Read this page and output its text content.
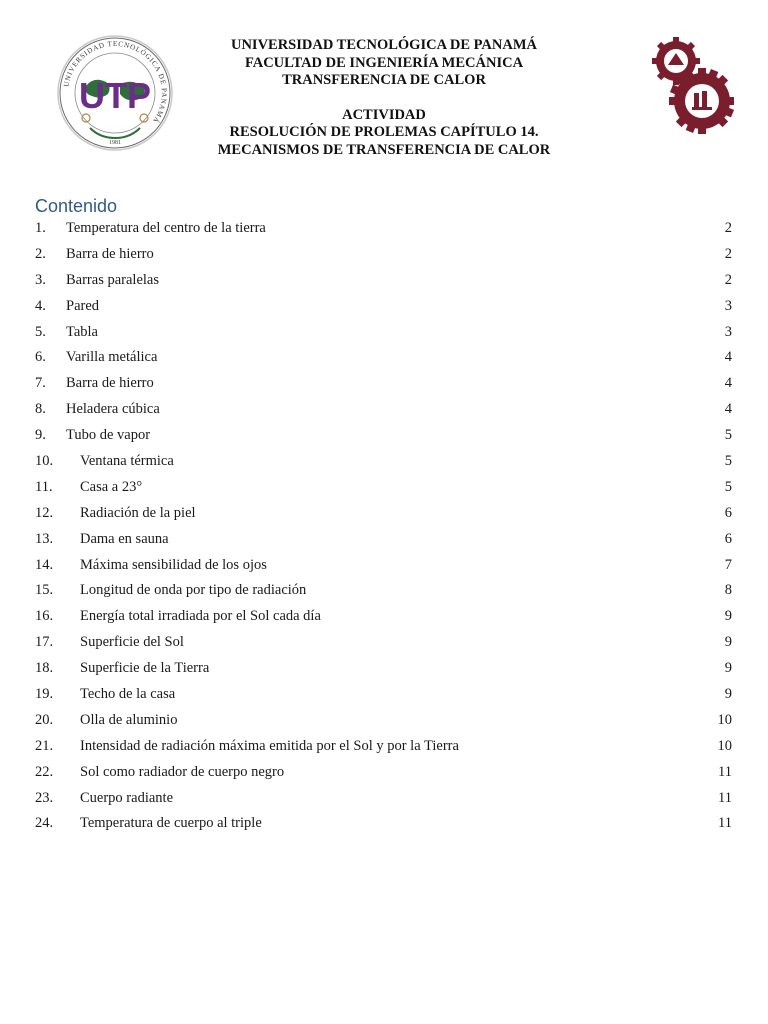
UNIVERSIDAD TECNOLÓGICA DE PANAMÁ
UTP
1981
UNIVERSIDAD TECNOLÓGICA DE PANAMÁ
FACULTAD DE INGENIERÍA MECÁNICA
TRANSFERENCIA DE CALOR
ACTIVIDAD
RESOLUCIÓN DE PROLEMAS CAPÍTULO 14.
MECANISMOS DE TRANSFERENCIA DE CALOR
Contenido
1. Temperatura del centro de la tierra	2
2. Barra de hierro	2
3. Barras paralelas	2
4. Pared	3
5. Tabla	3
6. Varilla metálica	4
7. Barra de hierro	4
8. Heladera cúbica	4
9. Tubo de vapor	5
10. Ventana térmica	5
11. Casa a 23°	5
12. Radiación de la piel	6
13. Dama en sauna	6
14. Máxima sensibilidad de los ojos	7
15. Longitud de onda por tipo de radiación	8
16. Energía total irradiada por el Sol cada día	9
17. Superficie del Sol	9
18. Superficie de la Tierra	9
19. Techo de la casa	9
20. Olla de aluminio	10
21. Intensidad de radiación máxima emitida por el Sol y por la Tierra	10
22. Sol como radiador de cuerpo negro	11
23. Cuerpo radiante	11
24. Temperatura de cuerpo al triple	11
